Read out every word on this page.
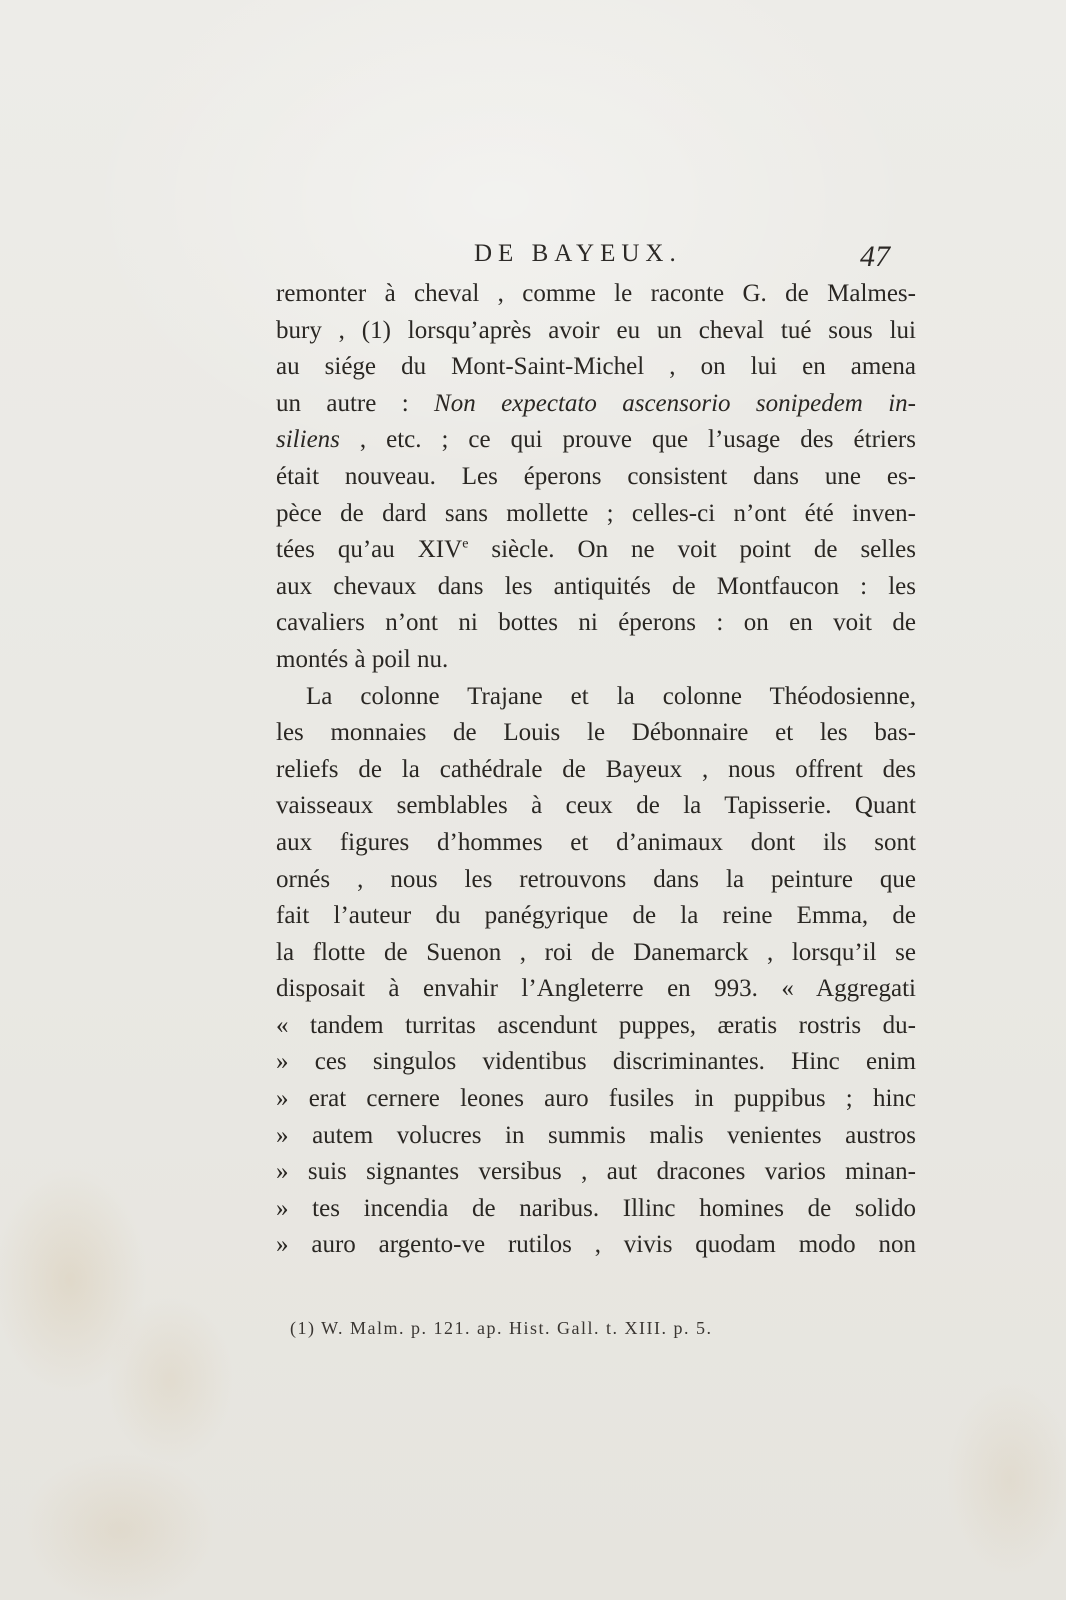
DE BAYEUX.	47
remonter à cheval , comme le raconte G. de Malmes-
bury , (1) lorsqu’après avoir eu un cheval tué sous lui
au siége du Mont-Saint-Michel , on lui en amena
un autre : Non expectato ascensorio sonipedem in-
siliens , etc. ; ce qui prouve que l’usage des étriers
était nouveau. Les éperons consistent dans une es-
pèce de dard sans mollette ; celles-ci n’ont été inven-
tées qu’au XIVe siècle. On ne voit point de selles
aux chevaux dans les antiquités de Montfaucon : les
cavaliers n’ont ni bottes ni éperons : on en voit de
montés à poil nu.
La colonne Trajane et la colonne Théodosienne,
les monnaies de Louis le Débonnaire et les bas-
reliefs de la cathédrale de Bayeux , nous offrent des
vaisseaux semblables à ceux de la Tapisserie. Quant
aux figures d’hommes et d’animaux dont ils sont
ornés , nous les retrouvons dans la peinture que
fait l’auteur du panégyrique de la reine Emma, de
la flotte de Suenon , roi de Danemarck , lorsqu’il se
disposait à envahir l’Angleterre en 993. « Aggregati
« tandem turritas ascendunt puppes, æratis rostris du-
» ces singulos videntibus discriminantes. Hinc enim
» erat cernere leones auro fusiles in puppibus ; hinc
» autem volucres in summis malis venientes austros
» suis signantes versibus , aut dracones varios minan-
» tes incendia de naribus. Illinc homines de solido
» auro argento-ve rutilos , vivis quodam modo non
(1) W. Malm. p. 121. ap. Hist. Gall. t. XIII. p. 5.
